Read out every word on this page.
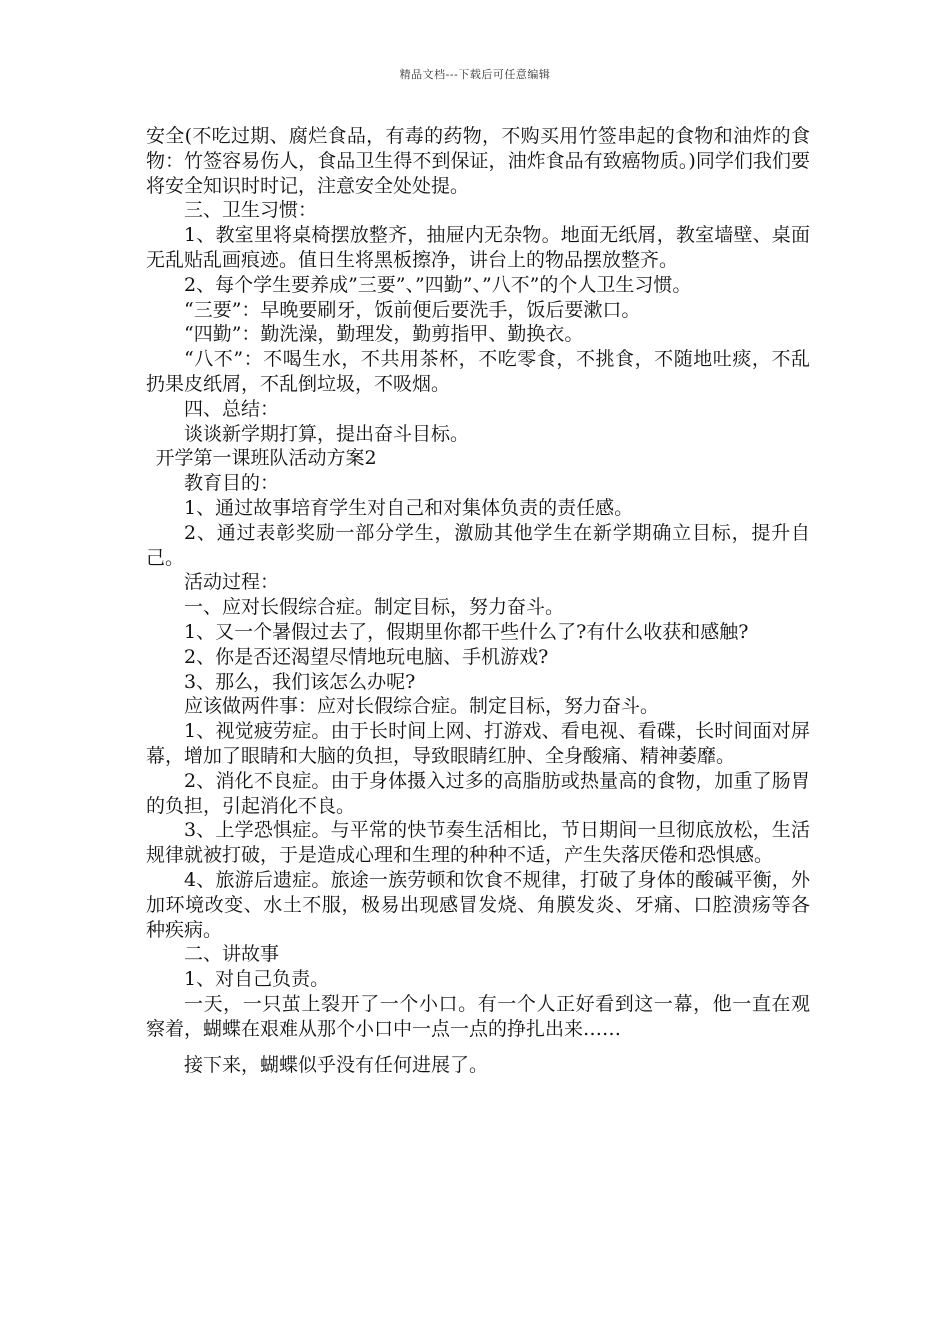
精品文档---下载后可任意编辑

安全(不吃过期、腐烂食品，有毒的药物，不购买用竹签串起的食物和油炸的食物：竹签容易伤人，食品卫生得不到保证，油炸食品有致癌物质。)同学们我们要将安全知识时时记，注意安全处处提。

三、卫生习惯：

1、教室里将桌椅摆放整齐，抽屉内无杂物。地面无纸屑，教室墙壁、桌面无乱贴乱画痕迹。值日生将黑板擦净，讲台上的物品摆放整齐。

2、每个学生要养成”三要”、”四勤”、”八不”的个人卫生习惯。

“三要”：早晚要刷牙，饭前便后要洗手，饭后要漱口。

“四勤”：勤洗澡，勤理发，勤剪指甲、勤换衣。

“八不”：不喝生水，不共用茶杯，不吃零食，不挑食，不随地吐痰，不乱扔果皮纸屑，不乱倒垃圾，不吸烟。

四、总结：

谈谈新学期打算，提出奋斗目标。

开学第一课班队活动方案2

教育目的：

1、通过故事培育学生对自己和对集体负责的责任感。

2、通过表彰奖励一部分学生，激励其他学生在新学期确立目标，提升自己。

活动过程：

一、应对长假综合症。制定目标，努力奋斗。

1、又一个暑假过去了，假期里你都干些什么了?有什么收获和感触?

2、你是否还渴望尽情地玩电脑、手机游戏?

3、那么，我们该怎么办呢?

应该做两件事：应对长假综合症。制定目标，努力奋斗。

1、视觉疲劳症。由于长时间上网、打游戏、看电视、看碟，长时间面对屏幕，增加了眼睛和大脑的负担，导致眼睛红肿、全身酸痛、精神萎靡。

2、消化不良症。由于身体摄入过多的高脂肪或热量高的食物，加重了肠胃的负担，引起消化不良。

3、上学恐惧症。与平常的快节奏生活相比，节日期间一旦彻底放松，生活规律就被打破，于是造成心理和生理的种种不适，产生失落厌倦和恐惧感。

4、旅游后遗症。旅途一族劳顿和饮食不规律，打破了身体的酸碱平衡，外加环境改变、水土不服，极易出现感冒发烧、角膜发炎、牙痛、口腔溃疡等各种疾病。

二、讲故事

1、对自己负责。

一天，一只茧上裂开了一个小口。有一个人正好看到这一幕，他一直在观察着，蝴蝶在艰难从那个小口中一点一点的挣扎出来……

接下来，蝴蝶似乎没有任何进展了。
